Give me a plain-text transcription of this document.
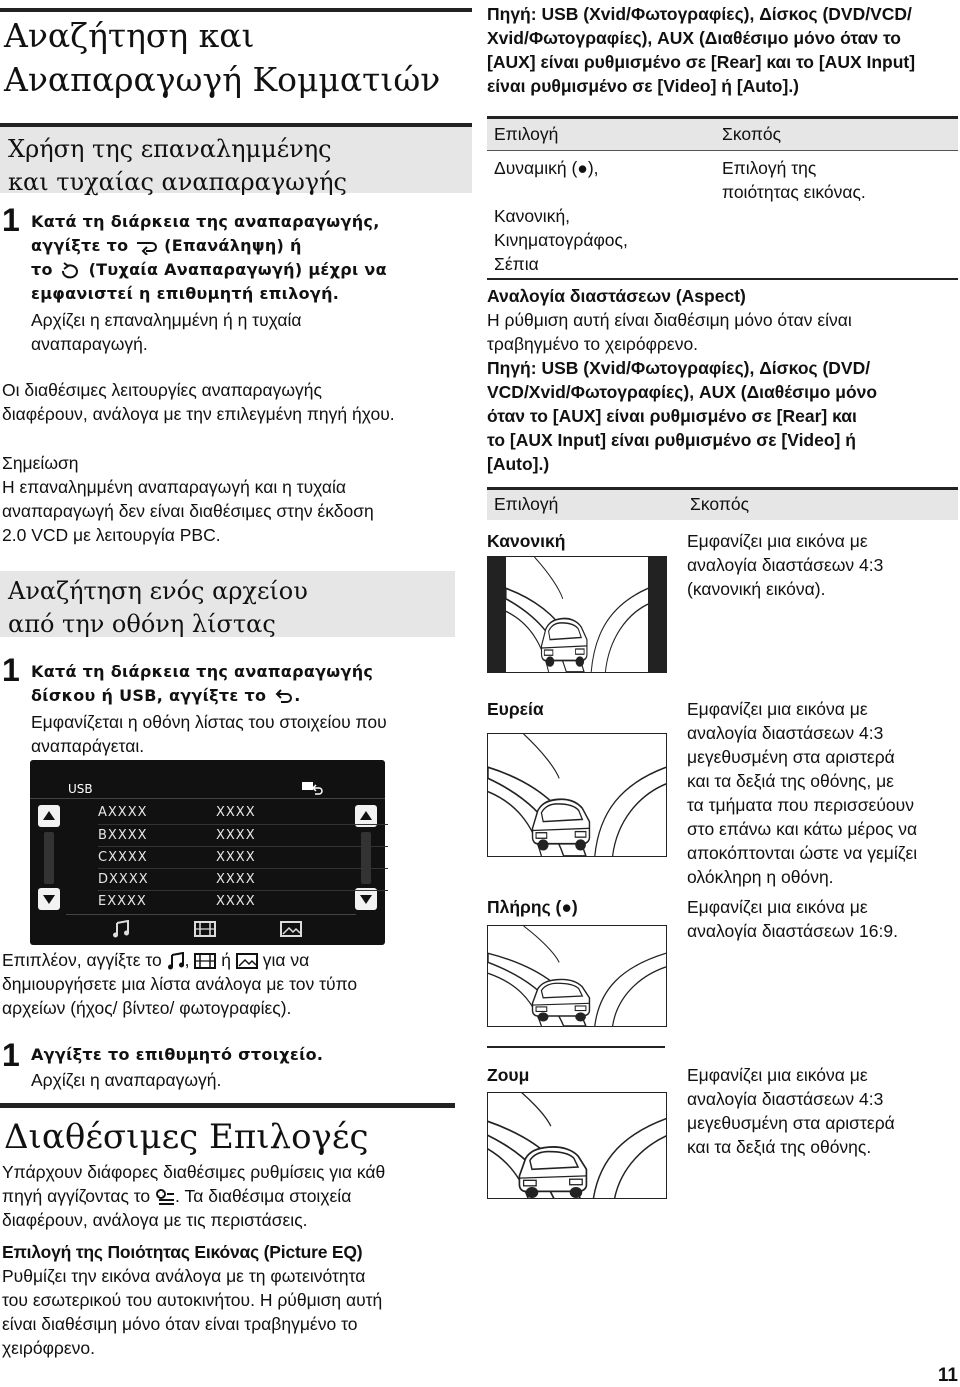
Αναζήτηση και
Αναπαραγωγή Κομματιών
Χρήση της επαναλημμένης
και τυχαίας αναπαραγωγής
1 Κατά τη διάρκεια της αναπαραγωγής,
αγγίξτε το (Επανάληψη) ή
το (Τυχαία Αναπαραγωγή) μέχρι να
εμφανιστεί η επιθυμητή επιλογή.
Αρχίζει η επαναλημμένη ή η τυχαία
αναπαραγωγή.
Οι διαθέσιμες λειτουργίες αναπαραγωγής
διαφέρουν, ανάλογα με την επιλεγμένη πηγή ήχου.
Σημείωση
Η επαναλημμένη αναπαραγωγή και η τυχαία
αναπαραγωγή δεν είναι διαθέσιμες στην έκδοση
2.0 VCD με λειτουργία PBC.
Αναζήτηση ενός αρχείου
από την οθόνη λίστας
1 Κατά τη διάρκεια της αναπαραγωγής
δίσκου ή USB, αγγίξτε το .
Εμφανίζεται η οθόνη λίστας του στοιχείου που
αναπαράγεται.
USB
AXXXX	XXXX
BXXXX	XXXX
CXXXX	XXXX
DXXXX	XXXX
EXXXX	XXXX
Επιπλέον, αγγίξτε το , ή για να
δημιουργήσετε μια λίστα ανάλογα με τον τύπο
αρχείων (ήχος/ βίντεο/ φωτογραφίες).
1 Αγγίξτε το επιθυμητό στοιχείο.
Αρχίζει η αναπαραγωγή.
Διαθέσιμες Επιλογές
Υπάρχουν διάφορες διαθέσιμες ρυθμίσεις για κάθ
πηγή αγγίζοντας το . Τα διαθέσιμα στοιχεία
διαφέρουν, ανάλογα με τις περιστάσεις.
Επιλογή της Ποιότητας Εικόνας (Picture EQ)
Ρυθμίζει την εικόνα ανάλογα με τη φωτεινότητα
του εσωτερικού του αυτοκινήτου. Η ρύθμιση αυτή
είναι διαθέσιμη μόνο όταν είναι τραβηγμένο το
χειρόφρενο.
Πηγή: USB (Xvid/Φωτογραφίες), Δίσκος (DVD/VCD/
Xvid/Φωτογραφίες), AUX (Διαθέσιμο μόνο όταν το
[AUX] είναι ρυθμισμένο σε [Rear] και το [AUX Input]
είναι ρυθμισμένο σε [Video] ή [Auto].)
Επιλογή	Σκοπός
Δυναμική (●),	Επιλογή της
ποιότητας εικόνας.
Κανονική,
Κινηματογράφος,
Σέπια
Αναλογία διαστάσεων (Aspect)
Η ρύθμιση αυτή είναι διαθέσιμη μόνο όταν είναι
τραβηγμένο το χειρόφρενο.
Πηγή: USB (Xvid/Φωτογραφίες), Δίσκος (DVD/
VCD/Xvid/Φωτογραφίες), AUX (Διαθέσιμο μόνο
όταν το [AUX] είναι ρυθμισμένο σε [Rear] και
το [AUX Input] είναι ρυθμισμένο σε [Video] ή
[Auto].)
Επιλογή	Σκοπός
Κανονική	Εμφανίζει μια εικόνα με
αναλογία διαστάσεων 4:3
(κανονική εικόνα).
Ευρεία	Εμφανίζει μια εικόνα με
αναλογία διαστάσεων 4:3
μεγεθυσμένη στα αριστερά
και τα δεξιά της οθόνης, με
τα τμήματα που περισσεύουν
στο επάνω και κάτω μέρος να
αποκόπτονται ώστε να γεμίζει
ολόκληρη η οθόνη.
Πλήρης (●)	Εμφανίζει μια εικόνα με
αναλογία διαστάσεων 16:9.
Ζουμ	Εμφανίζει μια εικόνα με
αναλογία διαστάσεων 4:3
μεγεθυσμένη στα αριστερά
και τα δεξιά της οθόνης.
11
